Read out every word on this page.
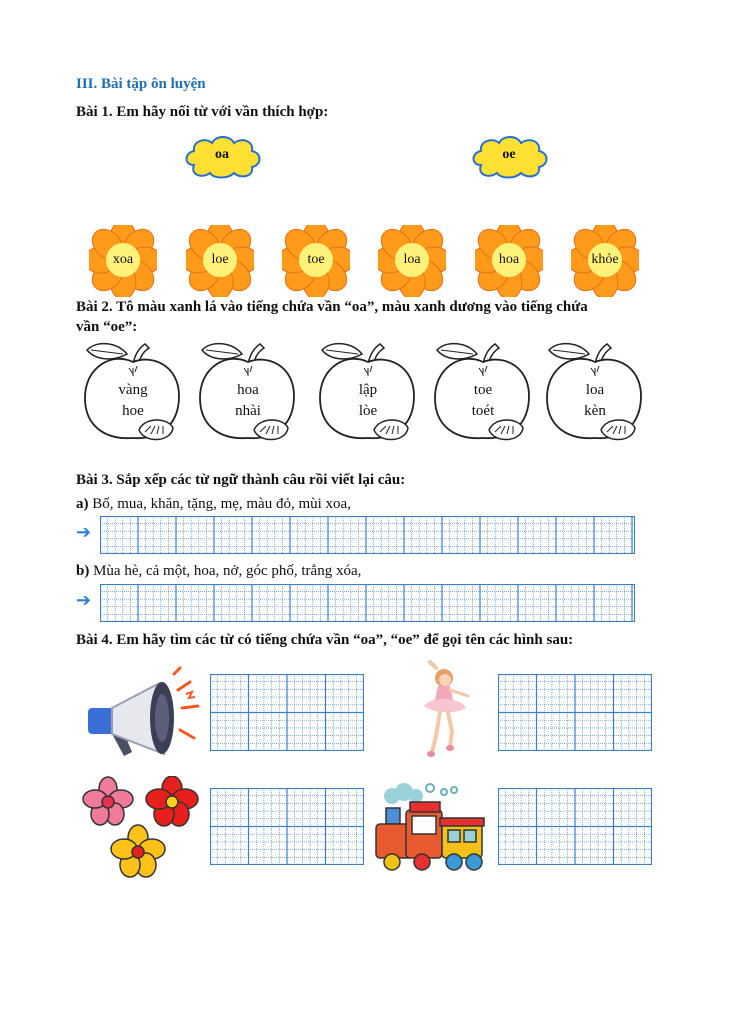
III. Bài tập ôn luyện
Bài 1. Em hãy nối từ với vần thích hợp:
oa	oe
xoa	loe	toe	loa	hoa	khỏe
Bài 2. Tô màu xanh lá vào tiếng chứa vần “oa”, màu xanh dương vào tiếng chứa
vần “oe”:
vàng
hoe
hoa
nhài
lập
lòe
toe
toét
loa
kèn
Bài 3. Sắp xếp các từ ngữ thành câu rồi viết lại câu:
a) Bố, mua, khăn, tặng, mẹ, màu đỏ, mùi xoa,
➔
b) Mùa hè, cả một, hoa, nở, góc phố, trắng xóa,
➔
Bài 4. Em hãy tìm các từ có tiếng chứa vần “oa”, “oe” để gọi tên các hình sau:
